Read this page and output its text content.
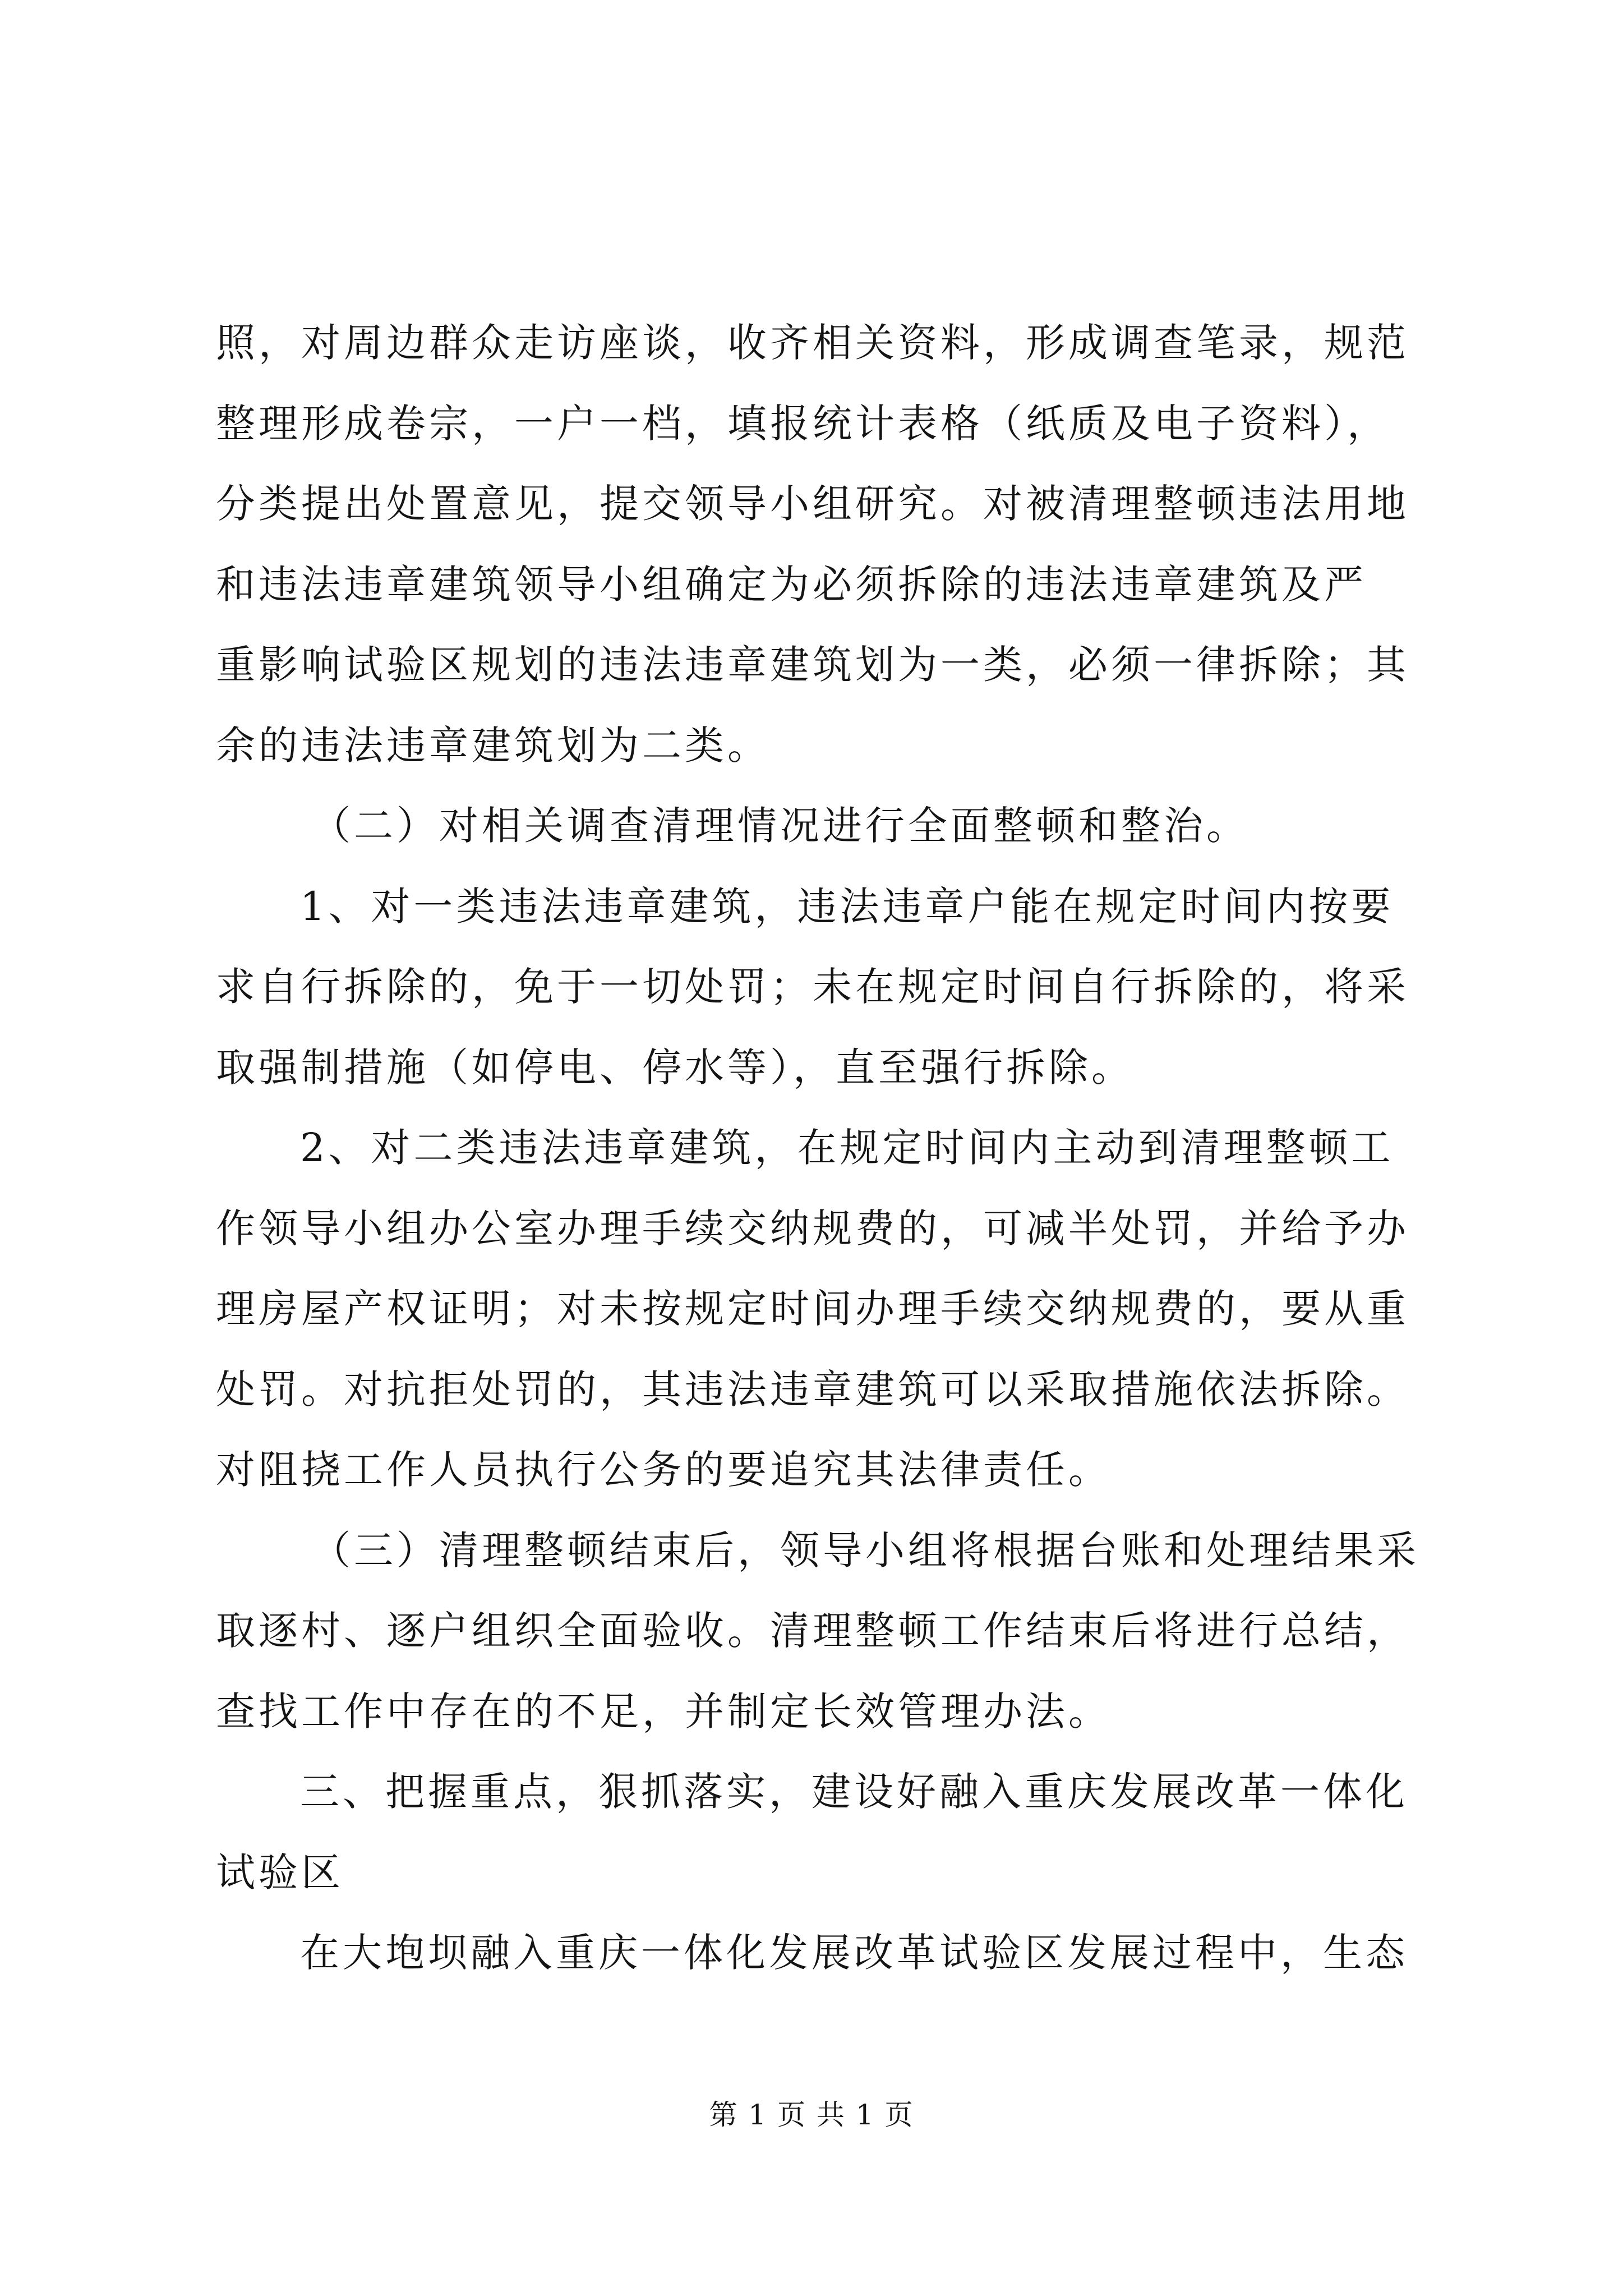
照，对周边群众走访座谈，收齐相关资料，形成调查笔录，规范
整理形成卷宗，一户一档，填报统计表格（纸质及电子资料），
分类提出处置意见，提交领导小组研究。对被清理整顿违法用地
和违法违章建筑领导小组确定为必须拆除的违法违章建筑及严
重影响试验区规划的违法违章建筑划为一类，必须一律拆除；其
余的违法违章建筑划为二类。
（二）对相关调查清理情况进行全面整顿和整治。
1、对一类违法违章建筑，违法违章户能在规定时间内按要
求自行拆除的，免于一切处罚；未在规定时间自行拆除的，将采
取强制措施（如停电、停水等），直至强行拆除。
2、对二类违法违章建筑，在规定时间内主动到清理整顿工
作领导小组办公室办理手续交纳规费的，可减半处罚，并给予办
理房屋产权证明；对未按规定时间办理手续交纳规费的，要从重
处罚。对抗拒处罚的，其违法违章建筑可以采取措施依法拆除。
对阻挠工作人员执行公务的要追究其法律责任。
（三）清理整顿结束后，领导小组将根据台账和处理结果采
取逐村、逐户组织全面验收。清理整顿工作结束后将进行总结，
查找工作中存在的不足，并制定长效管理办法。
三、把握重点，狠抓落实，建设好融入重庆发展改革一体化
试验区
在大垉坝融入重庆一体化发展改革试验区发展过程中，生态
第 1 页 共 1 页
